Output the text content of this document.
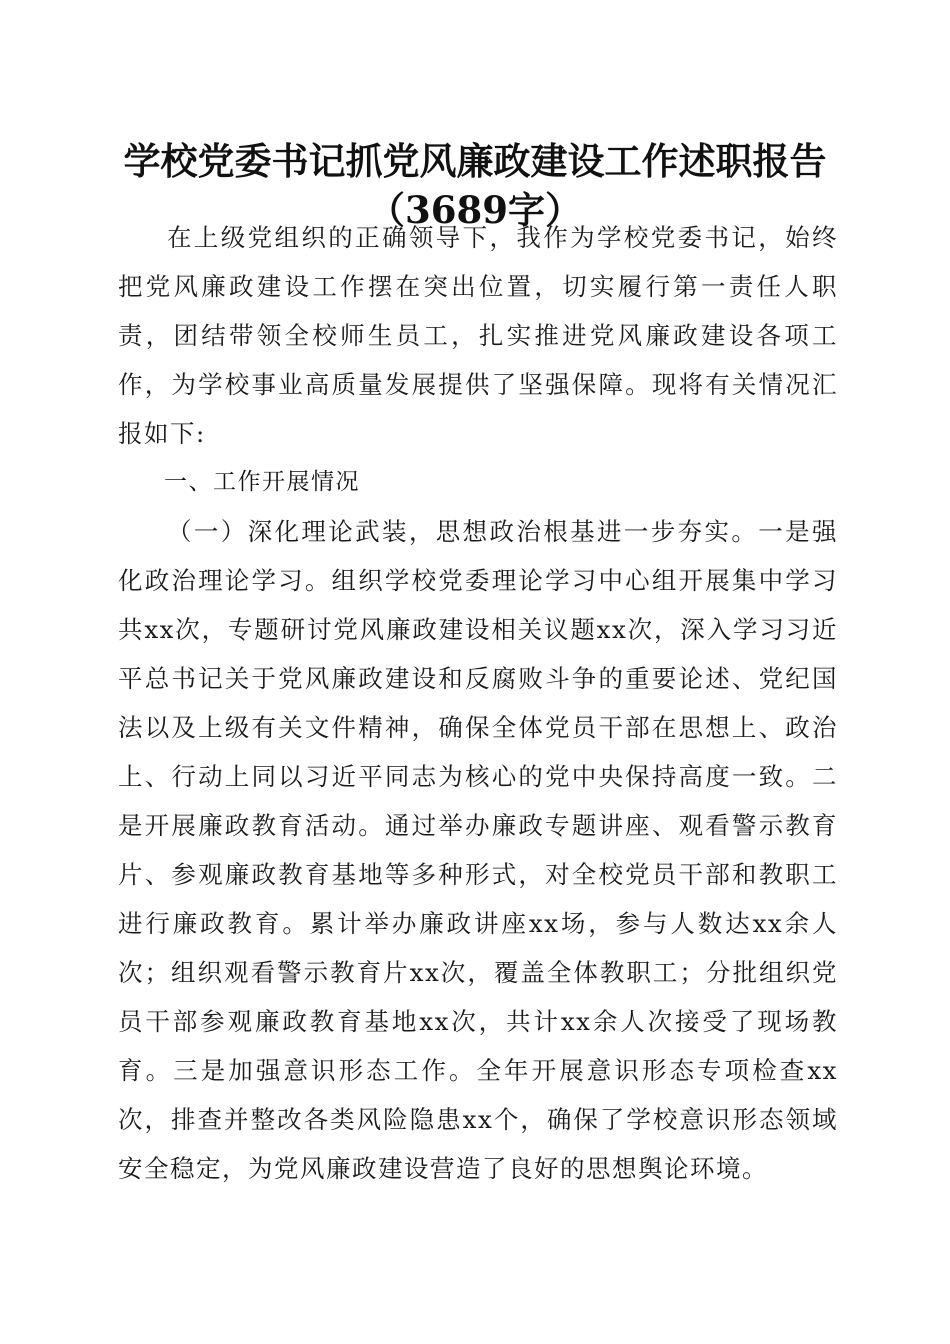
学校党委书记抓党风廉政建设工作述职报告
（3689字）

在上级党组织的正确领导下，我作为学校党委书记，始终把党风廉政建设工作摆在突出位置，切实履行第一责任人职责，团结带领全校师生员工，扎实推进党风廉政建设各项工作，为学校事业高质量发展提供了坚强保障。现将有关情况汇报如下:

一、工作开展情况

（一）深化理论武装，思想政治根基进一步夯实。一是强化政治理论学习。组织学校党委理论学习中心组开展集中学习共xx次，专题研讨党风廉政建设相关议题xx次，深入学习习近平总书记关于党风廉政建设和反腐败斗争的重要论述、党纪国法以及上级有关文件精神，确保全体党员干部在思想上、政治上、行动上同以习近平同志为核心的党中央保持高度一致。二是开展廉政教育活动。通过举办廉政专题讲座、观看警示教育片、参观廉政教育基地等多种形式，对全校党员干部和教职工进行廉政教育。累计举办廉政讲座xx场，参与人数达xx余人次；组织观看警示教育片xx次，覆盖全体教职工；分批组织党员干部参观廉政教育基地xx次，共计xx余人次接受了现场教育。三是加强意识形态工作。全年开展意识形态专项检查xx次，排查并整改各类风险隐患xx个，确保了学校意识形态领域安全稳定，为党风廉政建设营造了良好的思想舆论环境。
